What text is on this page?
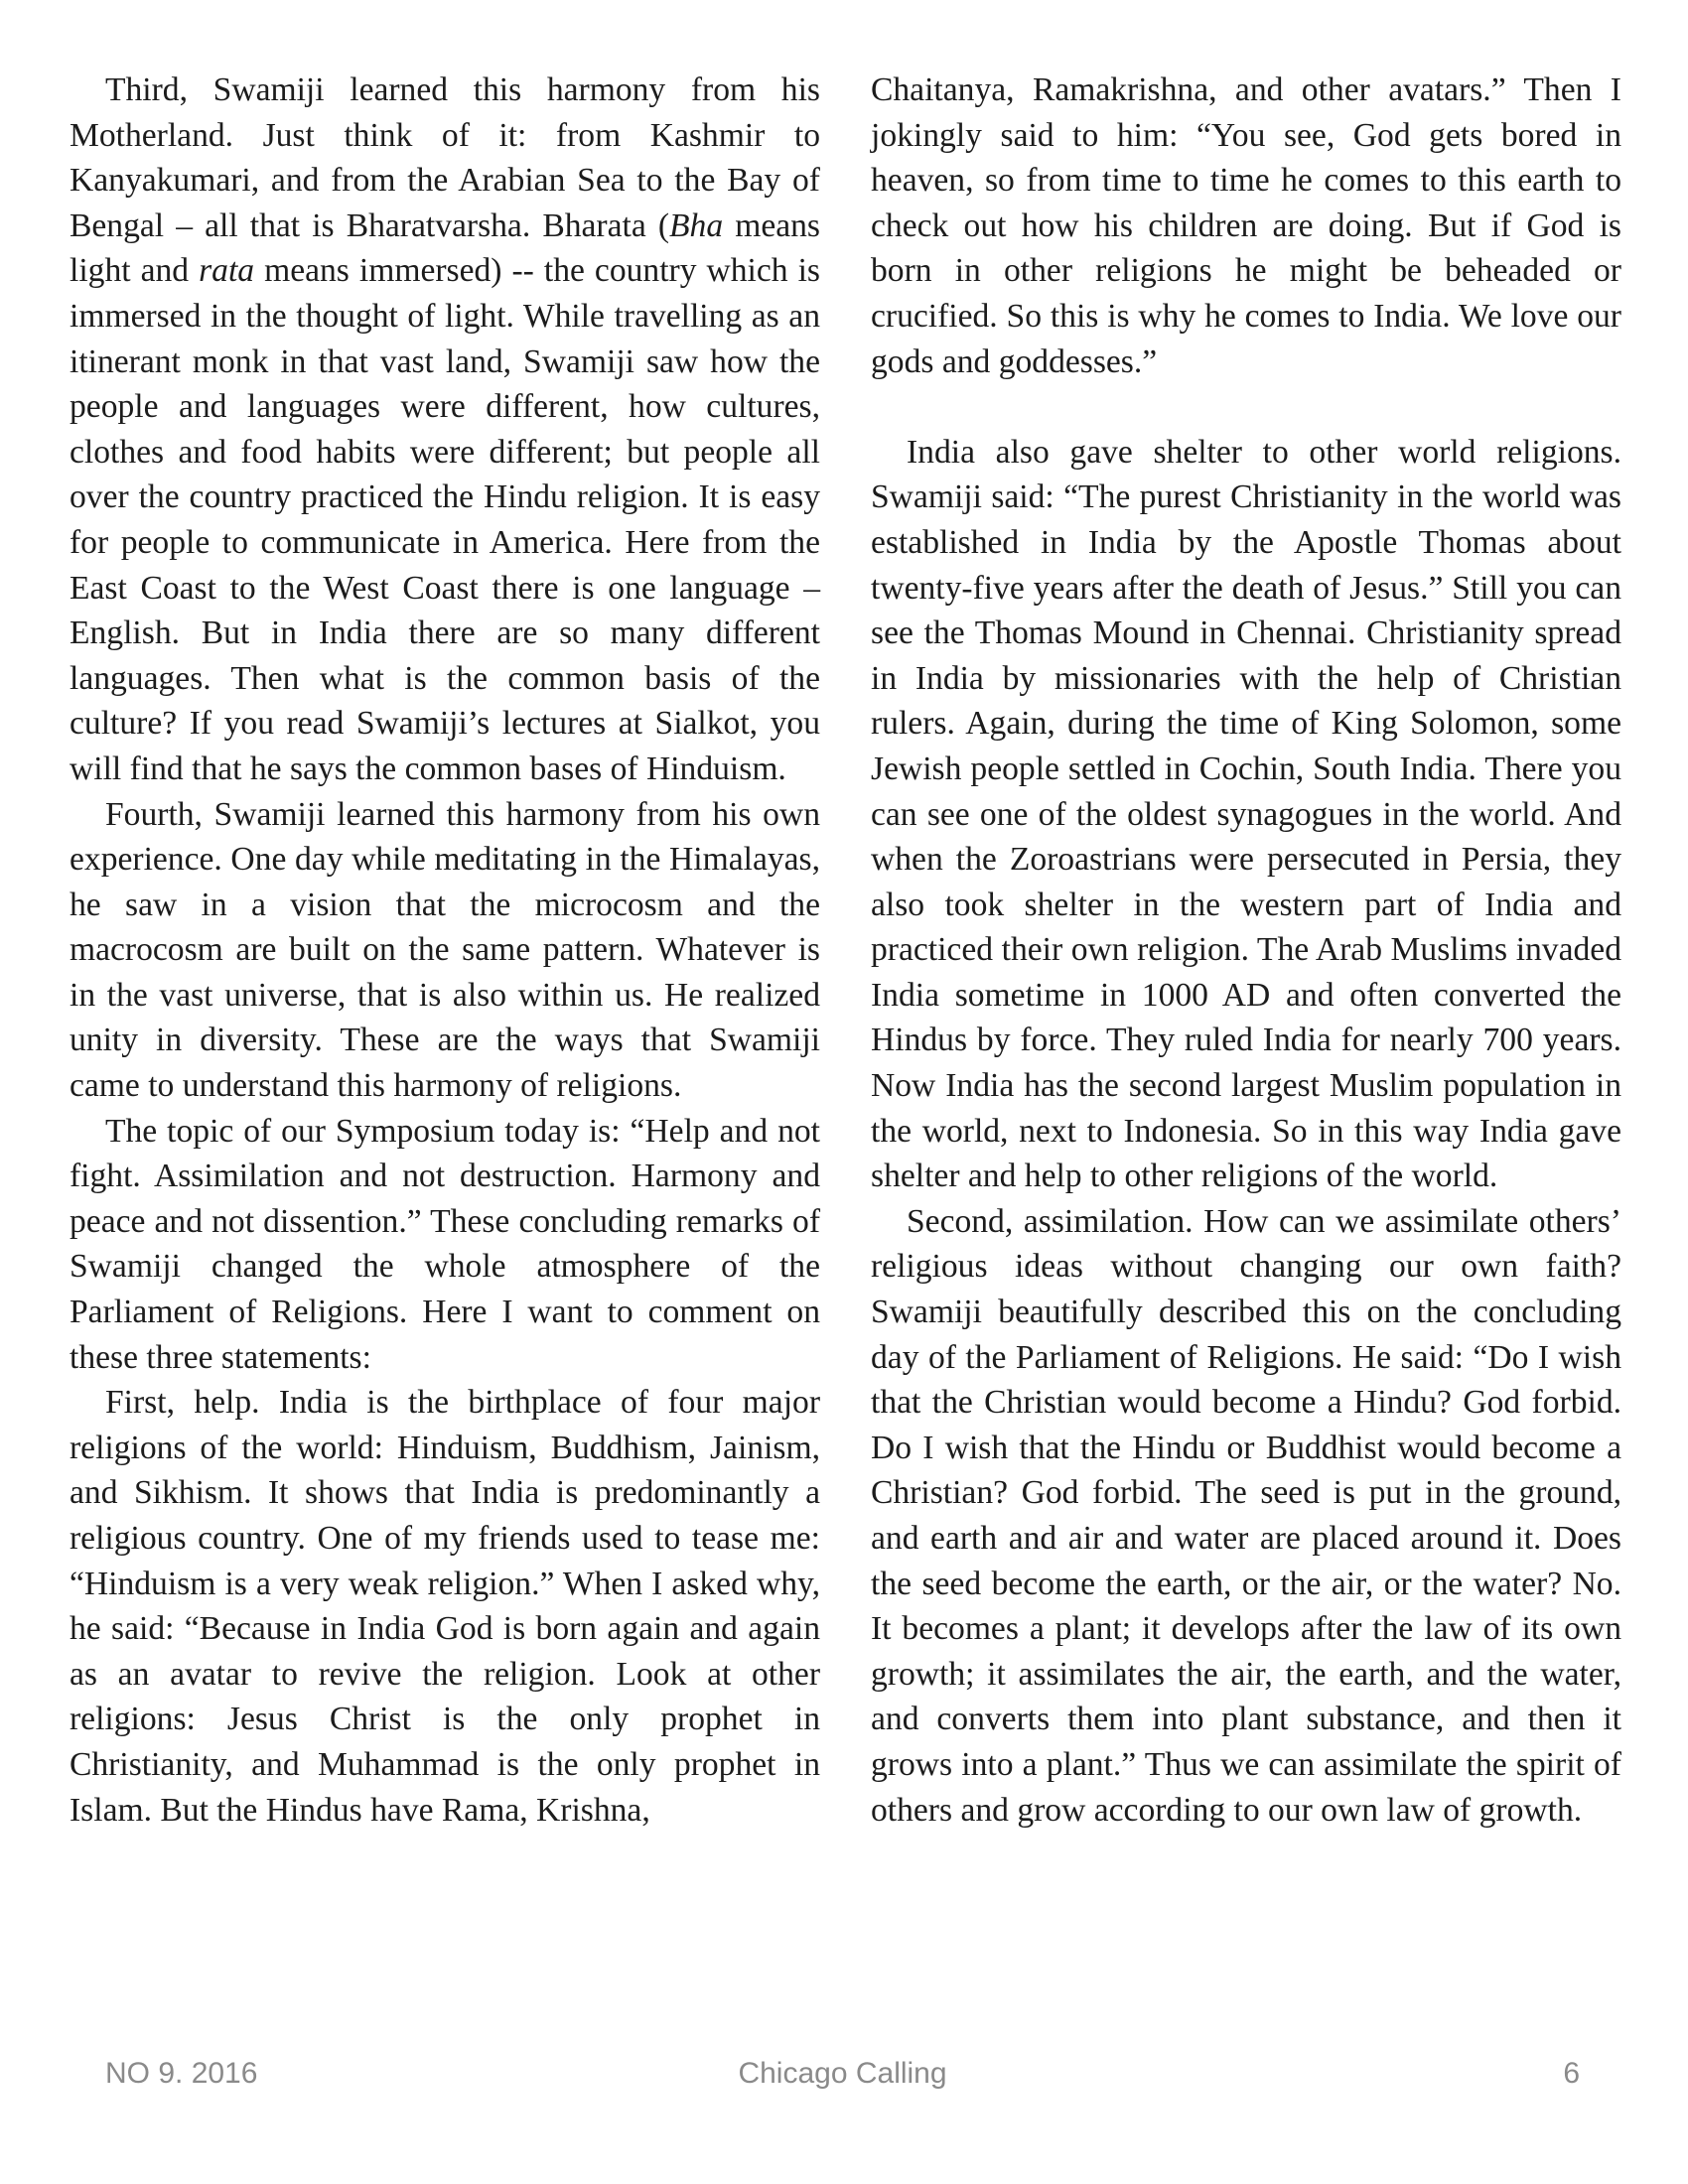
Third, Swamiji learned this harmony from his Motherland. Just think of it: from Kashmir to Kanyakumari, and from the Arabian Sea to the Bay of Bengal – all that is Bharatvarsha. Bharata (Bha means light and rata means immersed) -- the country which is immersed in the thought of light. While travelling as an itinerant monk in that vast land, Swamiji saw how the people and languages were different, how cultures, clothes and food habits were different; but people all over the country practiced the Hindu religion. It is easy for people to communicate in America. Here from the East Coast to the West Coast there is one language – English. But in India there are so many different languages. Then what is the common basis of the culture? If you read Swamiji’s lectures at Sialkot, you will find that he says the common bases of Hinduism.

Fourth, Swamiji learned this harmony from his own experience. One day while meditating in the Himalayas, he saw in a vision that the microcosm and the macrocosm are built on the same pattern. Whatever is in the vast universe, that is also within us. He realized unity in diversity. These are the ways that Swamiji came to understand this harmony of religions.

The topic of our Symposium today is: “Help and not fight. Assimilation and not destruction. Harmony and peace and not dissention.” These concluding remarks of Swamiji changed the whole atmosphere of the Parliament of Religions. Here I want to comment on these three statements:

First, help. India is the birthplace of four major religions of the world: Hinduism, Buddhism, Jainism, and Sikhism. It shows that India is predominantly a religious country. One of my friends used to tease me: “Hinduism is a very weak religion.” When I asked why, he said: “Because in India God is born again and again as an avatar to revive the religion. Look at other religions: Jesus Christ is the only prophet in Christianity, and Muhammad is the only prophet in Islam. But the Hindus have Rama, Krishna,

Chaitanya, Ramakrishna, and other avatars.” Then I jokingly said to him: “You see, God gets bored in heaven, so from time to time he comes to this earth to check out how his children are doing. But if God is born in other religions he might be beheaded or crucified. So this is why he comes to India. We love our gods and goddesses.”

India also gave shelter to other world religions. Swamiji said: “The purest Christianity in the world was established in India by the Apostle Thomas about twenty-five years after the death of Jesus.” Still you can see the Thomas Mound in Chennai. Christianity spread in India by missionaries with the help of Christian rulers. Again, during the time of King Solomon, some Jewish people settled in Cochin, South India. There you can see one of the oldest synagogues in the world. And when the Zoroastrians were persecuted in Persia, they also took shelter in the western part of India and practiced their own religion. The Arab Muslims invaded India sometime in 1000 AD and often converted the Hindus by force. They ruled India for nearly 700 years. Now India has the second largest Muslim population in the world, next to Indonesia. So in this way India gave shelter and help to other religions of the world.

Second, assimilation. How can we assimilate others’ religious ideas without changing our own faith? Swamiji beautifully described this on the concluding day of the Parliament of Religions. He said: “Do I wish that the Christian would become a Hindu? God forbid. Do I wish that the Hindu or Buddhist would become a Christian? God forbid. The seed is put in the ground, and earth and air and water are placed around it. Does the seed become the earth, or the air, or the water? No. It becomes a plant; it develops after the law of its own growth; it assimilates the air, the earth, and the water, and converts them into plant substance, and then it grows into a plant.” Thus we can assimilate the spirit of others and grow according to our own law of growth.

NO 9. 2016	Chicago Calling	6
